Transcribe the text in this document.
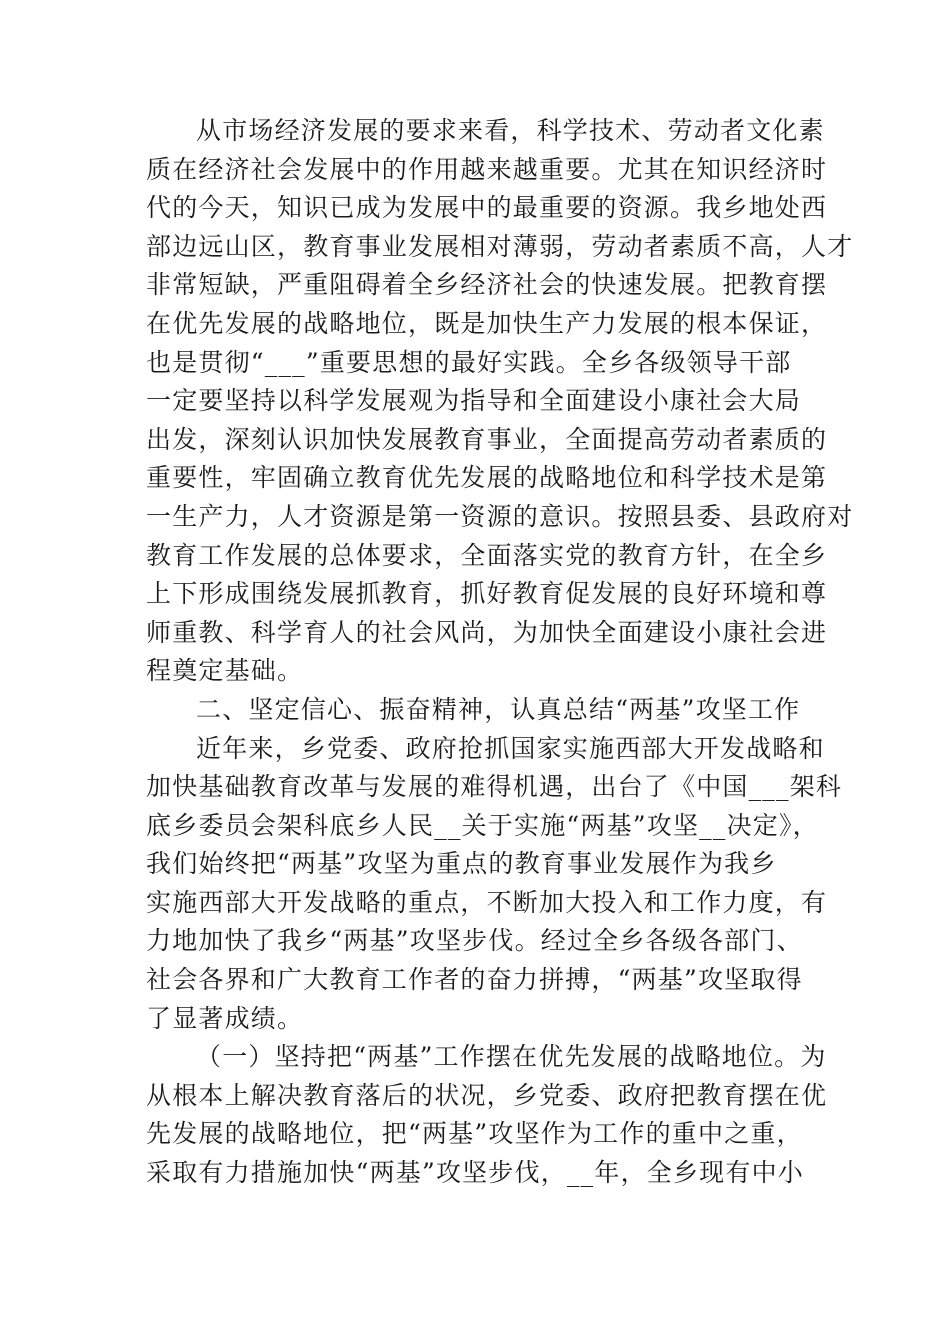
从市场经济发展的要求来看，科学技术、劳动者文化素
质在经济社会发展中的作用越来越重要。尤其在知识经济时
代的今天，知识已成为发展中的最重要的资源。我乡地处西
部边远山区，教育事业发展相对薄弱，劳动者素质不高，人才
非常短缺，严重阻碍着全乡经济社会的快速发展。把教育摆
在优先发展的战略地位，既是加快生产力发展的根本保证，
也是贯彻“___”重要思想的最好实践。全乡各级领导干部
一定要坚持以科学发展观为指导和全面建设小康社会大局
出发，深刻认识加快发展教育事业，全面提高劳动者素质的
重要性，牢固确立教育优先发展的战略地位和科学技术是第
一生产力，人才资源是第一资源的意识。按照县委、县政府对
教育工作发展的总体要求，全面落实党的教育方针，在全乡
上下形成围绕发展抓教育，抓好教育促发展的良好环境和尊
师重教、科学育人的社会风尚，为加快全面建设小康社会进
程奠定基础。
二、坚定信心、振奋精神，认真总结“两基”攻坚工作
近年来，乡党委、政府抢抓国家实施西部大开发战略和
加快基础教育改革与发展的难得机遇，出台了《中国___架科
底乡委员会架科底乡人民__关于实施“两基”攻坚__决定》，
我们始终把“两基”攻坚为重点的教育事业发展作为我乡
实施西部大开发战略的重点，不断加大投入和工作力度，有
力地加快了我乡“两基”攻坚步伐。经过全乡各级各部门、
社会各界和广大教育工作者的奋力拼搏，“两基”攻坚取得
了显著成绩。
（一）坚持把“两基”工作摆在优先发展的战略地位。为
从根本上解决教育落后的状况，乡党委、政府把教育摆在优
先发展的战略地位，把“两基”攻坚作为工作的重中之重，
采取有力措施加快“两基”攻坚步伐，__年，全乡现有中小
